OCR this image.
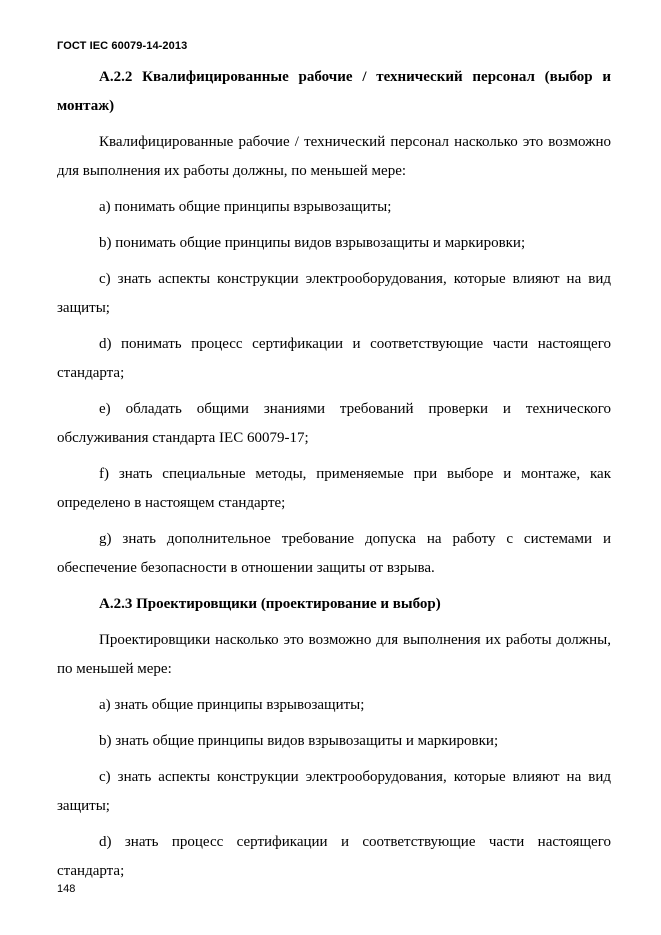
ГОСТ IEC 60079-14-2013

А.2.2 Квалифицированные рабочие / технический персонал (выбор и монтаж)

Квалифицированные рабочие / технический персонал насколько это возможно для выполнения их работы должны, по меньшей мере:

a) понимать общие принципы взрывозащиты;

b) понимать общие принципы видов взрывозащиты и маркировки;

c) знать аспекты конструкции электрооборудования, которые влияют на вид защиты;

d) понимать процесс сертификации и соответствующие части настоящего стандарта;

e) обладать общими знаниями требований проверки и технического обслуживания стандарта IEC 60079-17;

f) знать специальные методы, применяемые при выборе и монтаже, как определено в настоящем стандарте;

g) знать дополнительное требование допуска на работу с системами и обеспечение безопасности в отношении защиты от взрыва.

А.2.3 Проектировщики (проектирование и выбор)

Проектировщики насколько это возможно для выполнения их работы должны, по меньшей мере:

a) знать общие принципы взрывозащиты;

b) знать общие принципы видов взрывозащиты и маркировки;

c) знать аспекты конструкции электрооборудования, которые влияют на вид защиты;

d) знать процесс сертификации и соответствующие части настоящего стандарта;

148
